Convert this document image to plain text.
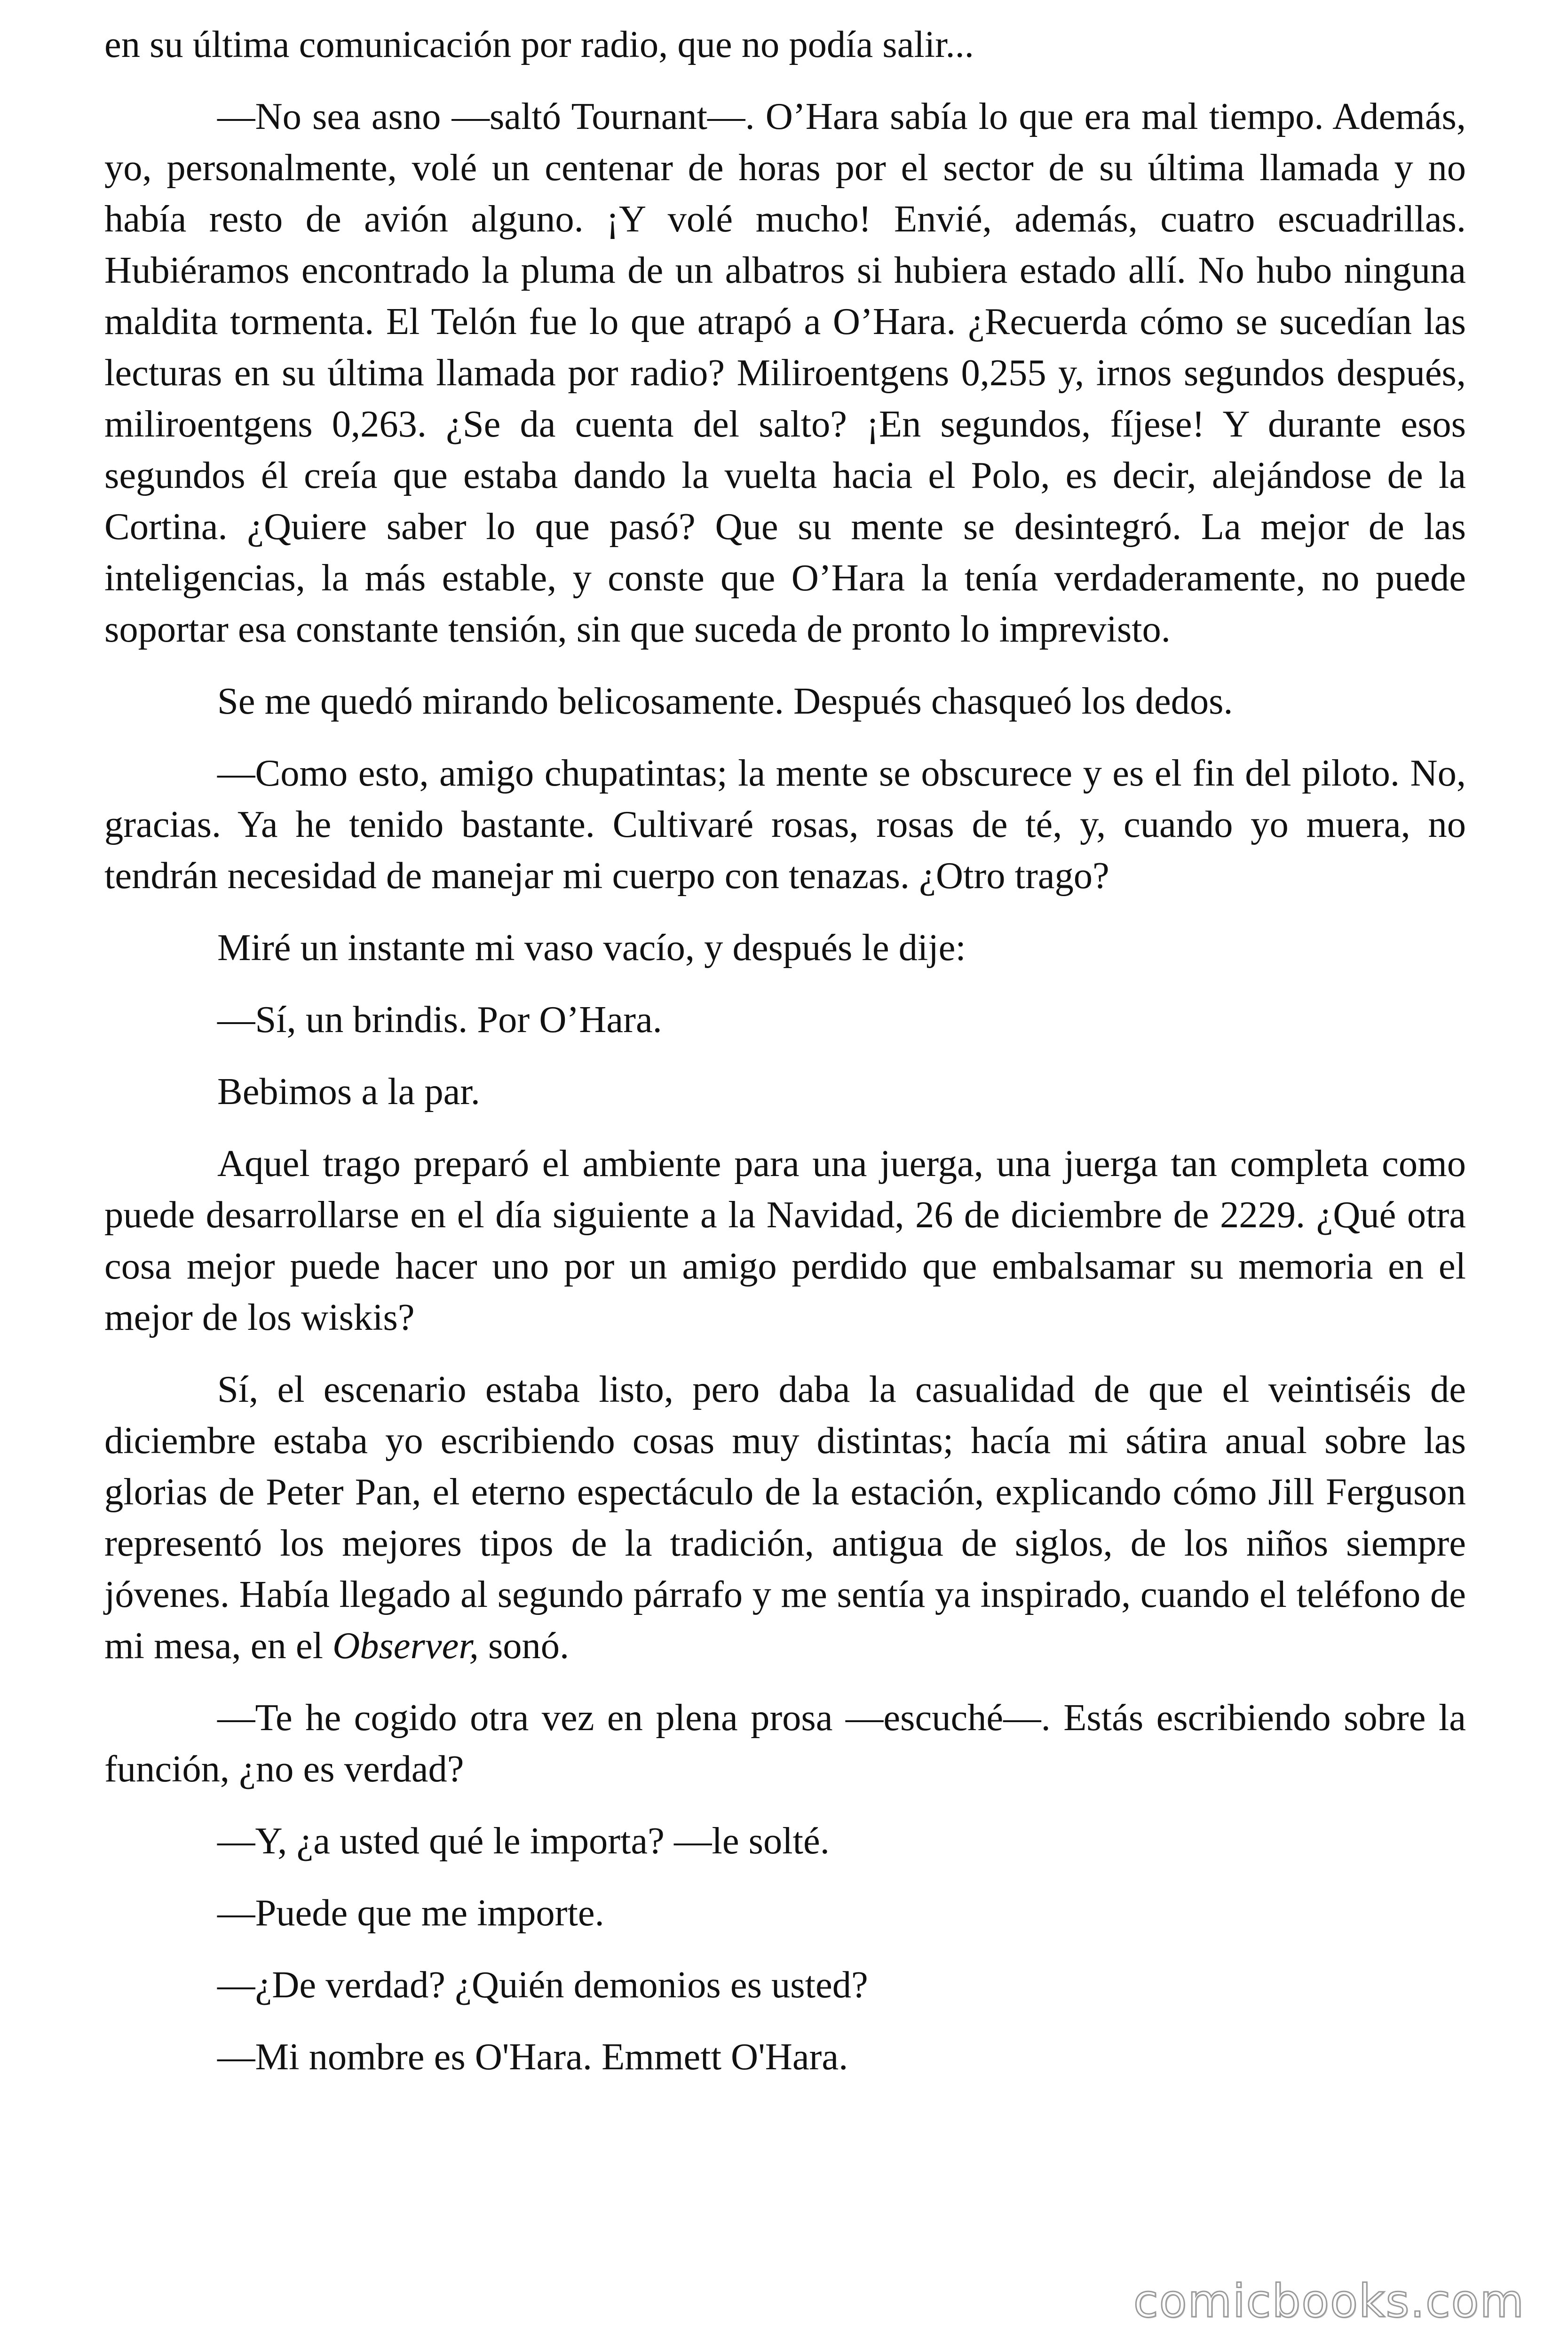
en su última comunicación por radio, que no podía salir...

—No sea asno —saltó Tournant—. O’Hara sabía lo que era mal tiempo. Además, yo, personalmente, volé un centenar de horas por el sector de su última llamada y no había resto de avión alguno. ¡Y volé mucho! Envié, además, cuatro escuadrillas. Hubiéramos encontrado la pluma de un albatros si hubiera estado allí. No hubo ninguna maldita tormenta. El Telón fue lo que atrapó a O’Hara. ¿Recuerda cómo se sucedían las lecturas en su última llamada por radio? Miliroentgens 0,255 y, irnos segundos después, miliroentgens 0,263. ¿Se da cuenta del salto? ¡En segundos, fíjese! Y durante esos segundos él creía que estaba dando la vuelta hacia el Polo, es decir, alejándose de la Cortina. ¿Quiere saber lo que pasó? Que su mente se desintegró. La mejor de las inteligencias, la más estable, y conste que O’Hara la tenía verdaderamente, no puede soportar esa constante tensión, sin que suceda de pronto lo imprevisto.

Se me quedó mirando belicosamente. Después chasqueó los dedos.

—Como esto, amigo chupatintas; la mente se obscurece y es el fin del piloto. No, gracias. Ya he tenido bastante. Cultivaré rosas, rosas de té, y, cuando yo muera, no tendrán necesidad de manejar mi cuerpo con tenazas. ¿Otro trago?

Miré un instante mi vaso vacío, y después le dije:

—Sí, un brindis. Por O’Hara.

Bebimos a la par.

Aquel trago preparó el ambiente para una juerga, una juerga tan completa como puede desarrollarse en el día siguiente a la Navidad, 26 de diciembre de 2229. ¿Qué otra cosa mejor puede hacer uno por un amigo perdido que embalsamar su memoria en el mejor de los wiskis?

Sí, el escenario estaba listo, pero daba la casualidad de que el veintiséis de diciembre estaba yo escribiendo cosas muy distintas; hacía mi sátira anual sobre las glorias de Peter Pan, el eterno espectáculo de la estación, explicando cómo Jill Ferguson representó los mejores tipos de la tradición, antigua de siglos, de los niños siempre jóvenes. Había llegado al segundo párrafo y me sentía ya inspirado, cuando el teléfono de mi mesa, en el Observer, sonó.

—Te he cogido otra vez en plena prosa —escuché—. Estás escribiendo sobre la función, ¿no es verdad?

—Y, ¿a usted qué le importa? —le solté.

—Puede que me importe.

—¿De verdad? ¿Quién demonios es usted?

—Mi nombre es O'Hara. Emmett O'Hara.

comicbooks.com
